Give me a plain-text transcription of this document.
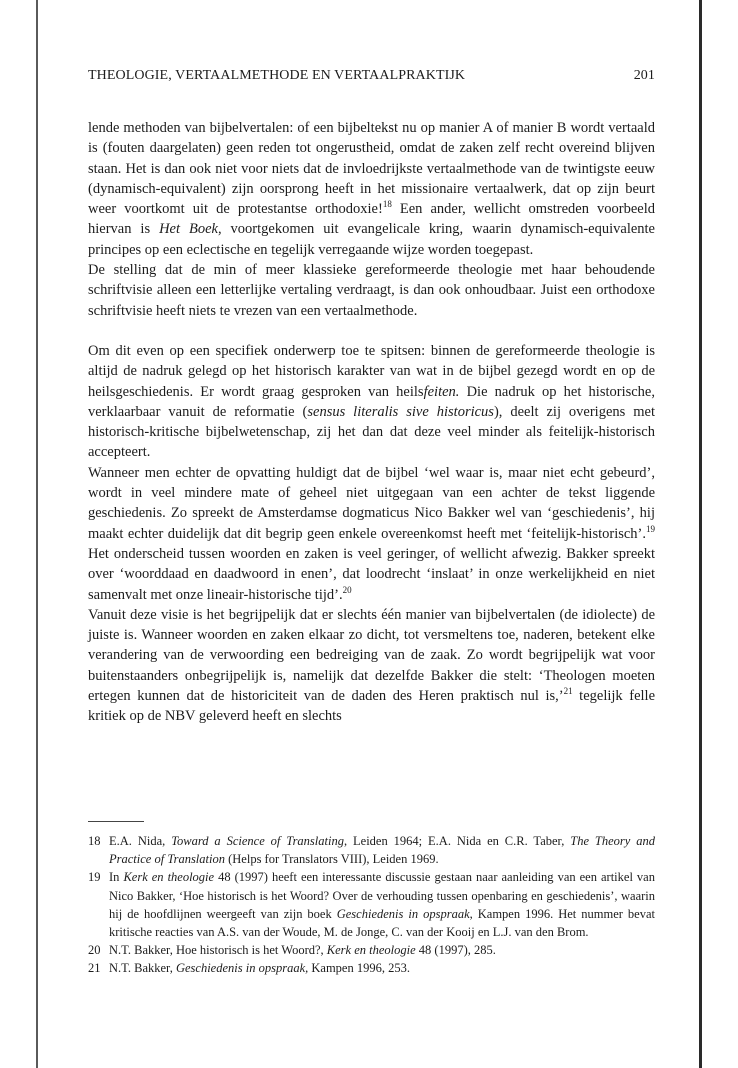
THEOLOGIE, VERTAALMETHODE EN VERTAALPRAKTIJK	201

lende methoden van bijbelvertalen: of een bijbeltekst nu op manier A of manier B wordt vertaald is (fouten daargelaten) geen reden tot ongerustheid, omdat de zaken zelf recht overeind blijven staan. Het is dan ook niet voor niets dat de invloedrijkste vertaalmethode van de twintigste eeuw (dynamisch-equivalent) zijn oorsprong heeft in het missionaire vertaalwerk, dat op zijn beurt weer voortkomt uit de protestantse orthodoxie!$^{18}$ Een ander, wellicht omstreden voorbeeld hiervan is Het Boek, voortgekomen uit evangelicale kring, waarin dynamisch-equivalente principes op een eclectische en tegelijk verregaande wijze worden toegepast.

De stelling dat de min of meer klassieke gereformeerde theologie met haar behoudende schriftvisie alleen een letterlijke vertaling verdraagt, is dan ook onhoudbaar. Juist een orthodoxe schriftvisie heeft niets te vrezen van een vertaalmethode.

Om dit even op een specifiek onderwerp toe te spitsen: binnen de gereformeerde theologie is altijd de nadruk gelegd op het historisch karakter van wat in de bijbel gezegd wordt en op de heilsgeschiedenis. Er wordt graag gesproken van heilsfeiten. Die nadruk op het historische, verklaarbaar vanuit de reformatie (sensus literalis sive historicus), deelt zij overigens met historisch-kritische bijbelwetenschap, zij het dan dat deze veel minder als feitelijk-historisch accepteert.

Wanneer men echter de opvatting huldigt dat de bijbel ‘wel waar is, maar niet echt gebeurd’, wordt in veel mindere mate of geheel niet uitgegaan van een achter de tekst liggende geschiedenis. Zo spreekt de Amsterdamse dogmaticus Nico Bakker wel van ‘geschiedenis’, hij maakt echter duidelijk dat dit begrip geen enkele overeenkomst heeft met ‘feitelijk-historisch’.$^{19}$ Het onderscheid tussen woorden en zaken is veel geringer, of wellicht afwezig. Bakker spreekt over ‘woorddaad en daadwoord in enen’, dat loodrecht ‘inslaat’ in onze werkelijkheid en niet samenvalt met onze lineair-historische tijd’.$^{20}$

Vanuit deze visie is het begrijpelijk dat er slechts één manier van bijbelvertalen (de idiolecte) de juiste is. Wanneer woorden en zaken elkaar zo dicht, tot versmeltens toe, naderen, betekent elke verandering van de verwoording een bedreiging van de zaak. Zo wordt begrijpelijk wat voor buitenstaanders onbegrijpelijk is, namelijk dat dezelfde Bakker die stelt: ‘Theologen moeten ertegen kunnen dat de historiciteit van de daden des Heren praktisch nul is,’$^{21}$ tegelijk felle kritiek op de NBV geleverd heeft en slechts

18 E.A. Nida, Toward a Science of Translating, Leiden 1964; E.A. Nida en C.R. Taber, The Theory and Practice of Translation (Helps for Translators VIII), Leiden 1969.
19 In Kerk en theologie 48 (1997) heeft een interessante discussie gestaan naar aanleiding van een artikel van Nico Bakker, ‘Hoe historisch is het Woord? Over de verhouding tussen openbaring en geschiedenis’, waarin hij de hoofdlijnen weergeeft van zijn boek Geschiedenis in opspraak, Kampen 1996. Het nummer bevat kritische reacties van A.S. van der Woude, M. de Jonge, C. van der Kooij en L.J. van den Brom.
20 N.T. Bakker, Hoe historisch is het Woord?, Kerk en theologie 48 (1997), 285.
21 N.T. Bakker, Geschiedenis in opspraak, Kampen 1996, 253.
